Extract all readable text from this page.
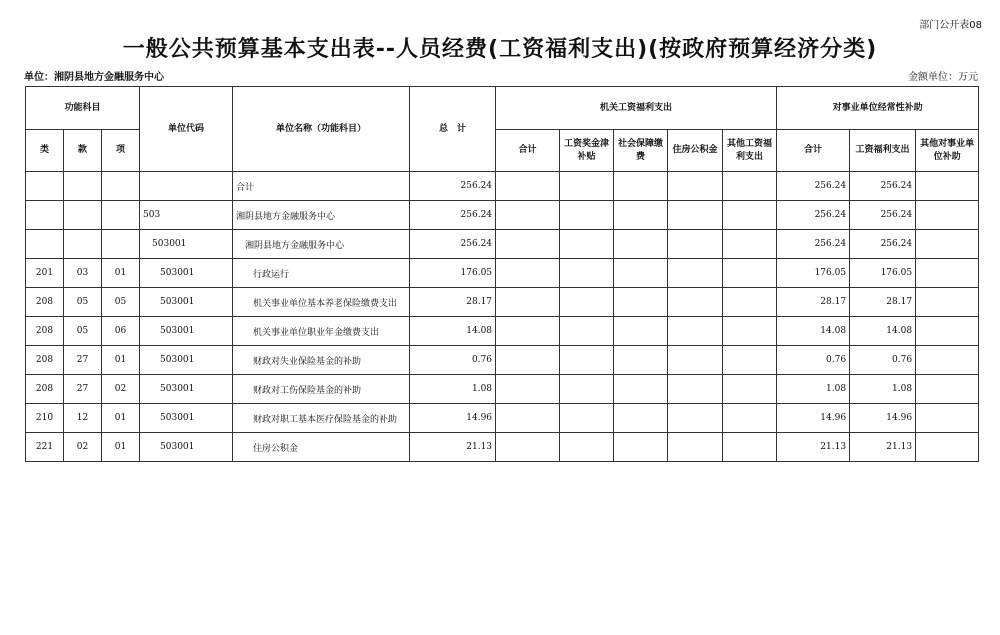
部门公开表08
一般公共预算基本支出表--人员经费(工资福利支出)(按政府预算经济分类)
单位：湘阴县地方金融服务中心	金额单位：万元
功能科目			单位代码	单位名称（功能科目）	总　计	机关工资福利支出					对事业单位经常性补助		
类	款	项				合计	工资奖金津补贴	社会保障缴费	住房公积金	其他工资福利支出	合计	工资福利支出	其他对事业单位补助
				合计	256.24						256.24	256.24	
			503	湘阴县地方金融服务中心	256.24						256.24	256.24	
			503001	湘阴县地方金融服务中心	256.24						256.24	256.24	
201	03	01	503001	行政运行	176.05						176.05	176.05	
208	05	05	503001	机关事业单位基本养老保险缴费支出	28.17						28.17	28.17	
208	05	06	503001	机关事业单位职业年金缴费支出	14.08						14.08	14.08	
208	27	01	503001	财政对失业保险基金的补助	0.76						0.76	0.76	
208	27	02	503001	财政对工伤保险基金的补助	1.08						1.08	1.08	
210	12	01	503001	财政对职工基本医疗保险基金的补助	14.96						14.96	14.96	
221	02	01	503001	住房公积金	21.13						21.13	21.13	
